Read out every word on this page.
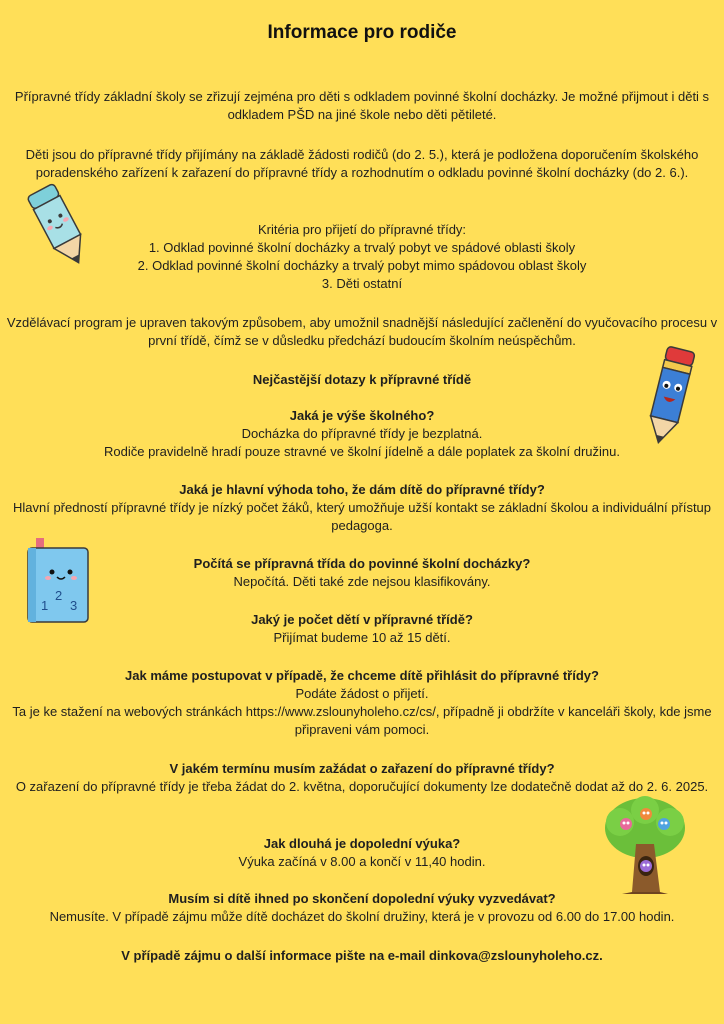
Informace pro rodiče

Přípravné třídy základní školy se zřizují zejména pro děti s odkladem povinné školní docházky. Je možné přijmout i děti s odkladem PŠD na jiné škole nebo děti pětileté.

Děti jsou do přípravné třídy přijímány na základě žádosti rodičů (do 2. 5.), která je podložena doporučením školského poradenského zařízení k zařazení do přípravné třídy a rozhodnutím o odkladu povinné školní docházky (do 2. 6.).

Kritéria pro přijetí do přípravné třídy:

1. Odklad povinné školní docházky a trvalý pobyt ve spádové oblasti školy

2. Odklad povinné školní docházky a trvalý pobyt mimo spádovou oblast školy

3. Děti ostatní

Vzdělávací program je upraven takovým způsobem, aby umožnil snadnější následující začlenění do vyučovacího procesu v první třídě, čímž se v důsledku předchází budoucím školním neúspěchům.

Nejčastější dotazy k přípravné třídě

Jaká je výše školného?

Docházka do přípravné třídy je bezplatná.

Rodiče pravidelně hradí pouze stravné ve školní jídelně a dále poplatek za školní družinu.

Jaká je hlavní výhoda toho, že dám dítě do přípravné třídy?

Hlavní předností přípravné třídy je nízký počet žáků, který umožňuje užší kontakt se základní školou a individuální přístup pedagoga.

Počítá se přípravná třída do povinné školní docházky?

Nepočítá. Děti také zde nejsou klasifikovány.

Jaký je počet dětí v přípravné třídě?

Přijímat budeme 10 až 15 dětí.

Jak máme postupovat v případě, že chceme dítě přihlásit do přípravné třídy?

Podáte žádost o přijetí.

Ta je ke stažení na webových stránkách https://www.zslounyholeho.cz/cs/, případně ji obdržíte v kanceláři školy, kde jsme připraveni vám pomoci.

V jakém termínu musím zažádat o zařazení do přípravné třídy?

O zařazení do přípravné třídy je třeba žádat do 2. května, doporučující dokumenty lze dodatečně dodat až do 2. 6. 2025.

Jak dlouhá je dopolední výuka?

Výuka začíná v 8.00 a končí v 11,40 hodin.

Musím si dítě ihned po skončení dopolední výuky vyzvedávat?

Nemusíte. V případě zájmu může dítě docházet do školní družiny, která je v provozu od 6.00 do 17.00 hodin.

V případě zájmu o další informace pište na e-mail dinkova@zslounyholeho.cz.

1
2
3
